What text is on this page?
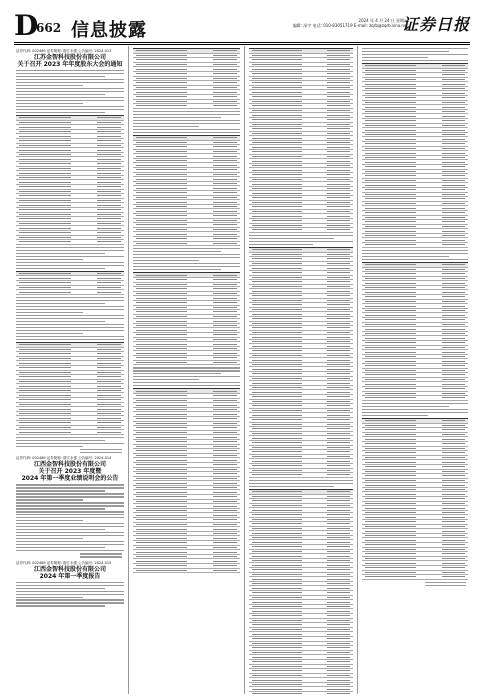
D
662 信息披露	2024 年 4 月 24 日 星期三
编辑: 深宇 电话: 010-83051719 E-mail: zqrb@zqrb.sina.net
证券日报
证券代码: 002489 证券简称: 浙江永强 公告编号: 2024-013
江苏金智科技股份有限公司
关于召开 2023 年年度股东大会的通知
证券代码: 002489 证券简称: 浙江永强 公告编号: 2024-014
江西金智科技股份有限公司
关于召开 2023 年度暨
2024 年第一季度业绩说明会的公告
证券代码: 002489 证券简称: 浙江永强 公告编号: 2024-015
江西金智科技股份有限公司
2024 年第一季度报告
